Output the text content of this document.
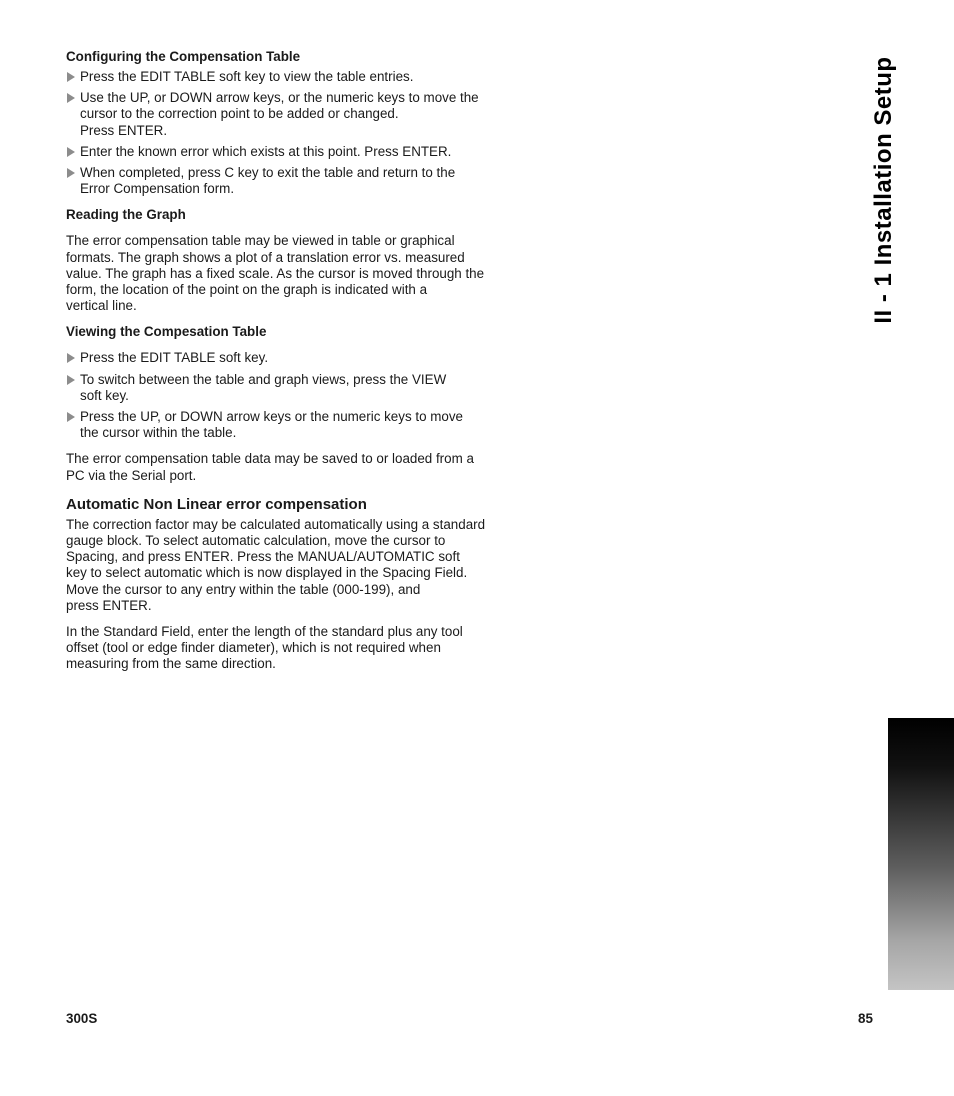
Configuring the Compensation Table
Press the EDIT TABLE soft key to view the table entries.
Use the UP, or DOWN arrow keys, or the numeric keys to move the
cursor to the correction point to be added or changed.
Press ENTER.
Enter the known error which exists at this point. Press ENTER.
When completed, press C key to exit the table and return to the
Error Compensation form.
Reading the Graph

The error compensation table may be viewed in table or graphical
formats. The graph shows a plot of a translation error vs. measured
value. The graph has a fixed scale. As the cursor is moved through the
form, the location of the point on the graph is indicated with a
vertical line.

Viewing the Compesation Table
Press the EDIT TABLE soft key.
To switch between the table and graph views, press the VIEW
soft key.
Press the UP, or DOWN arrow keys or the numeric keys to move
the cursor within the table.

The error compensation table data may be saved to or loaded from a
PC via the Serial port.

Automatic Non Linear error compensation

The correction factor may be calculated automatically using a standard
gauge block. To select automatic calculation, move the cursor to
Spacing, and press ENTER. Press the MANUAL/AUTOMATIC soft
key to select automatic which is now displayed in the Spacing Field.
Move the cursor to any entry within the table (000-199), and
press ENTER.

In the Standard Field, enter the length of the standard plus any tool
offset (tool or edge finder diameter), which is not required when
measuring from the same direction.

II - 1 Installation Setup
300S	85
